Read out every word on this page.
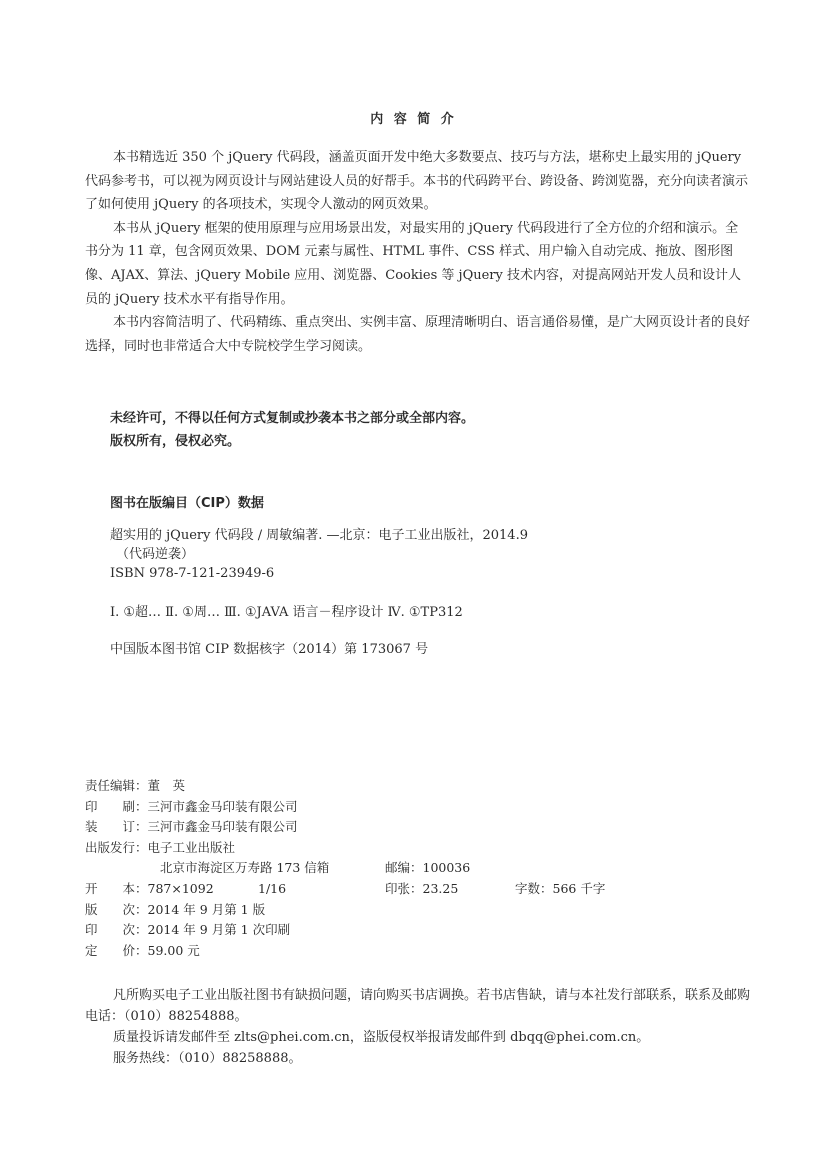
内 容 简 介

本书精选近 350 个 jQuery 代码段，涵盖页面开发中绝大多数要点、技巧与方法，堪称史上最实用的 jQuery 代码参考书，可以视为网页设计与网站建设人员的好帮手。本书的代码跨平台、跨设备、跨浏览器，充分向读者演示了如何使用 jQuery 的各项技术，实现令人激动的网页效果。

本书从 jQuery 框架的使用原理与应用场景出发，对最实用的 jQuery 代码段进行了全方位的介绍和演示。全书分为 11 章，包含网页效果、DOM 元素与属性、HTML 事件、CSS 样式、用户输入自动完成、拖放、图形图像、AJAX、算法、jQuery Mobile 应用、浏览器、Cookies 等 jQuery 技术内容，对提高网站开发人员和设计人员的 jQuery 技术水平有指导作用。

本书内容简洁明了、代码精练、重点突出、实例丰富、原理清晰明白、语言通俗易懂，是广大网页设计者的良好选择，同时也非常适合大中专院校学生学习阅读。

未经许可，不得以任何方式复制或抄袭本书之部分或全部内容。
版权所有，侵权必究。
图书在版编目（CIP）数据
超实用的 jQuery 代码段 / 周敏编著. —北京：电子工业出版社，2014.9
（代码逆袭）
ISBN 978-7-121-23949-6
Ⅰ. ①超… Ⅱ. ①周… Ⅲ. ①JAVA 语言－程序设计 Ⅳ. ①TP312
中国版本图书馆 CIP 数据核字（2014）第 173067 号
责任编辑：董　英
印　　刷：三河市鑫金马印装有限公司
装　　订：三河市鑫金马印装有限公司
出版发行：电子工业出版社
北京市海淀区万寿路 173 信箱	邮编：100036
开　　本：787×1092	1/16	印张：23.25	字数：566 千字
版　　次：2014 年 9 月第 1 版
印　　次：2014 年 9 月第 1 次印刷
定　　价：59.00 元

凡所购买电子工业出版社图书有缺损问题，请向购买书店调换。若书店售缺，请与本社发行部联系，联系及邮购电话：（010）88254888。

质量投诉请发邮件至 zlts@phei.com.cn，盗版侵权举报请发邮件到 dbqq@phei.com.cn。
服务热线：（010）88258888。
